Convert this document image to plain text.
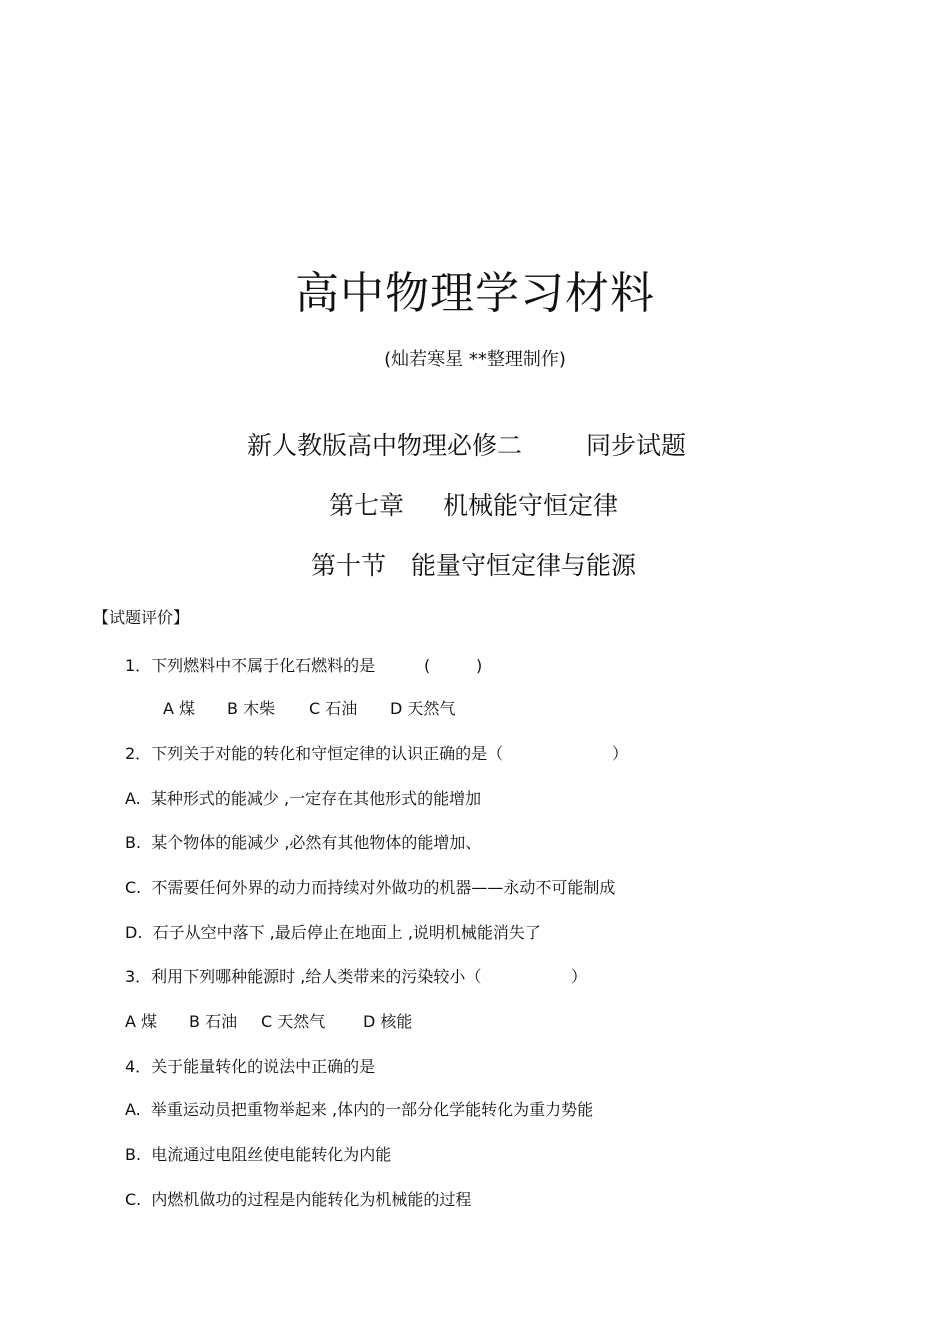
高中物理学习材料
(灿若寒星 **整理制作)
新人教版高中物理必修二	同步试题
第七章 机械能守恒定律
第十节 能量守恒定律与能源
【试题评价】
1．下列燃料中不属于化石燃料的是	(	)
A 煤 B 木柴 C 石油 D 天然气
2．下列关于对能的转化和守恒定律的认识正确的是（	）
A.  某种形式的能减少 ,一定存在其他形式的能增加
B.  某个物体的能减少 ,必然有其他物体的能增加、
C.  不需要任何外界的动力而持续对外做功的机器——永动不可能制成
D.  石子从空中落下 ,最后停止在地面上 ,说明机械能消失了
3．利用下列哪种能源时 ,给人类带来的污染较小（	）
A 煤 B 石油 C 天然气 D 核能
4．关于能量转化的说法中正确的是
A.  举重运动员把重物举起来 ,体内的一部分化学能转化为重力势能
B.  电流通过电阻丝使电能转化为内能
C.  内燃机做功的过程是内能转化为机械能的过程
